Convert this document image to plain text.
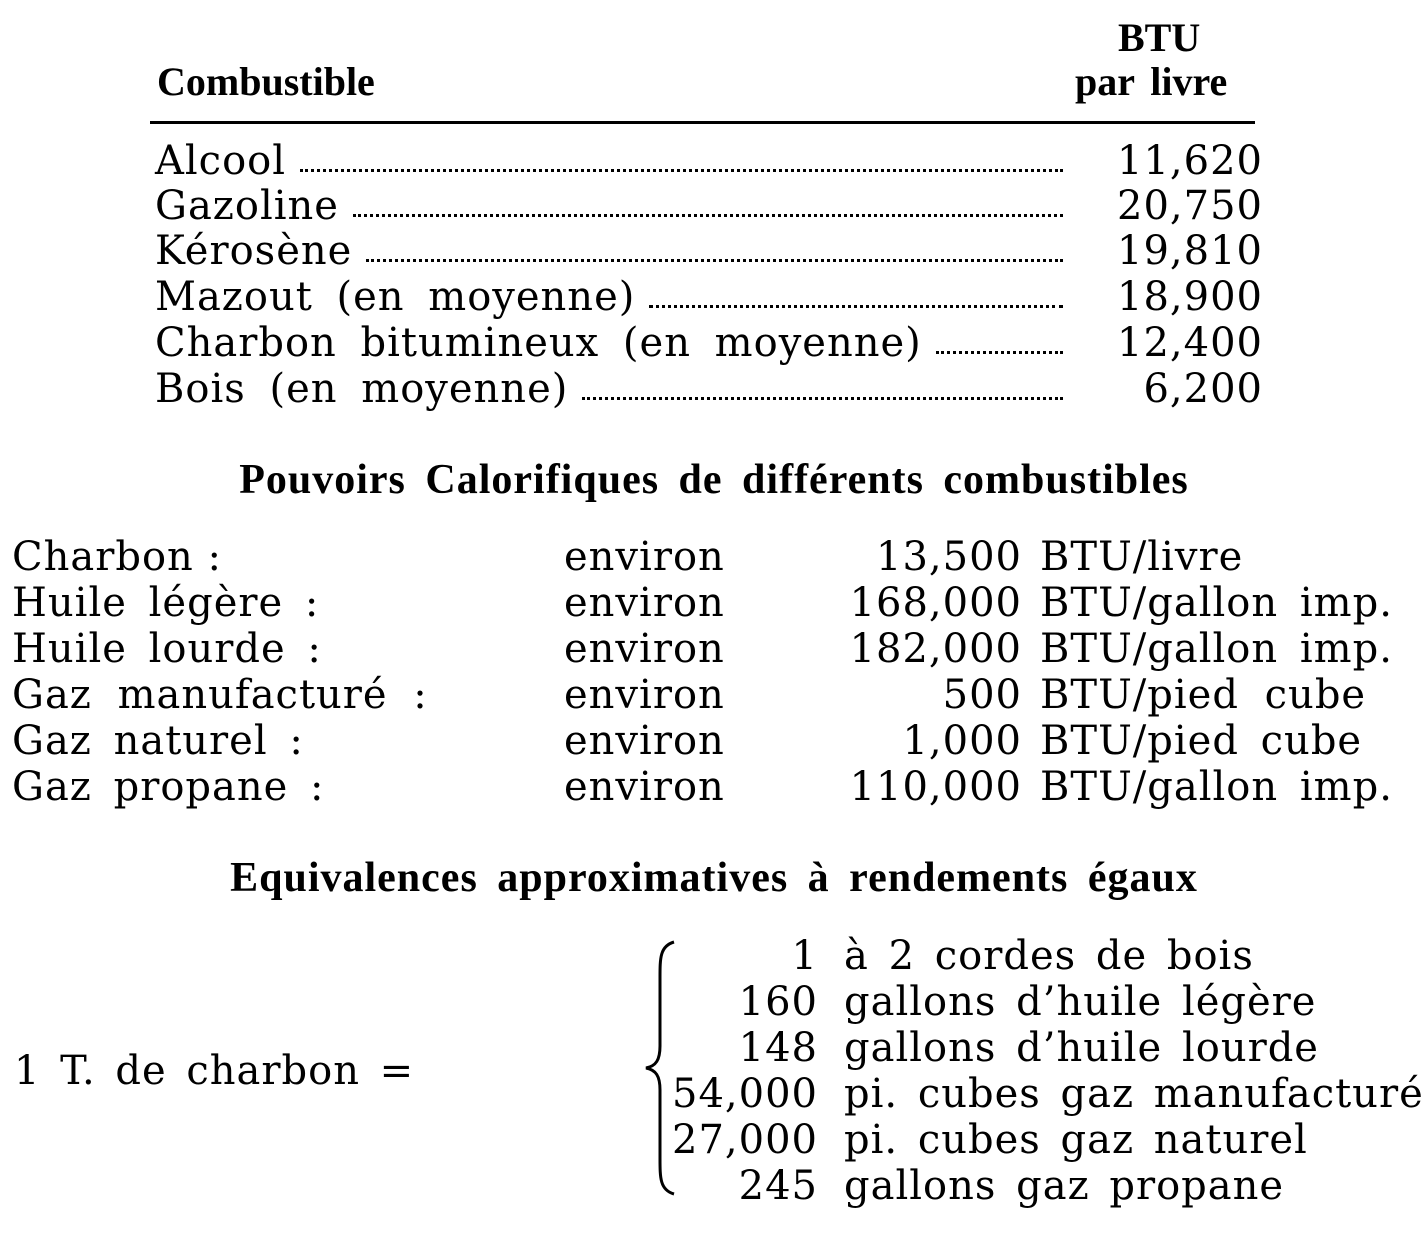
Combustible
BTU
par livre
Alcool	11,620
Gazoline	20,750
Kérosène	19,810
Mazout (en moyenne)	18,900
Charbon bitumineux (en moyenne)	12,400
Bois (en moyenne)	6,200
Pouvoirs Calorifiques de différents combustibles
Charbon :	environ	13,500 BTU/livre
Huile légère :	environ	168,000 BTU/gallon imp.
Huile lourde :	environ	182,000 BTU/gallon imp.
Gaz manufacturé :	environ	500 BTU/pied cube
Gaz naturel :	environ	1,000 BTU/pied cube
Gaz propane :	environ	110,000 BTU/gallon imp.
Equivalences approximatives à rendements égaux
1 T. de charbon =
1 à 2 cordes de bois
160 gallons d’huile légère
148 gallons d’huile lourde
54,000 pi. cubes gaz manufacturé
27,000 pi. cubes gaz naturel
245 gallons gaz propane
